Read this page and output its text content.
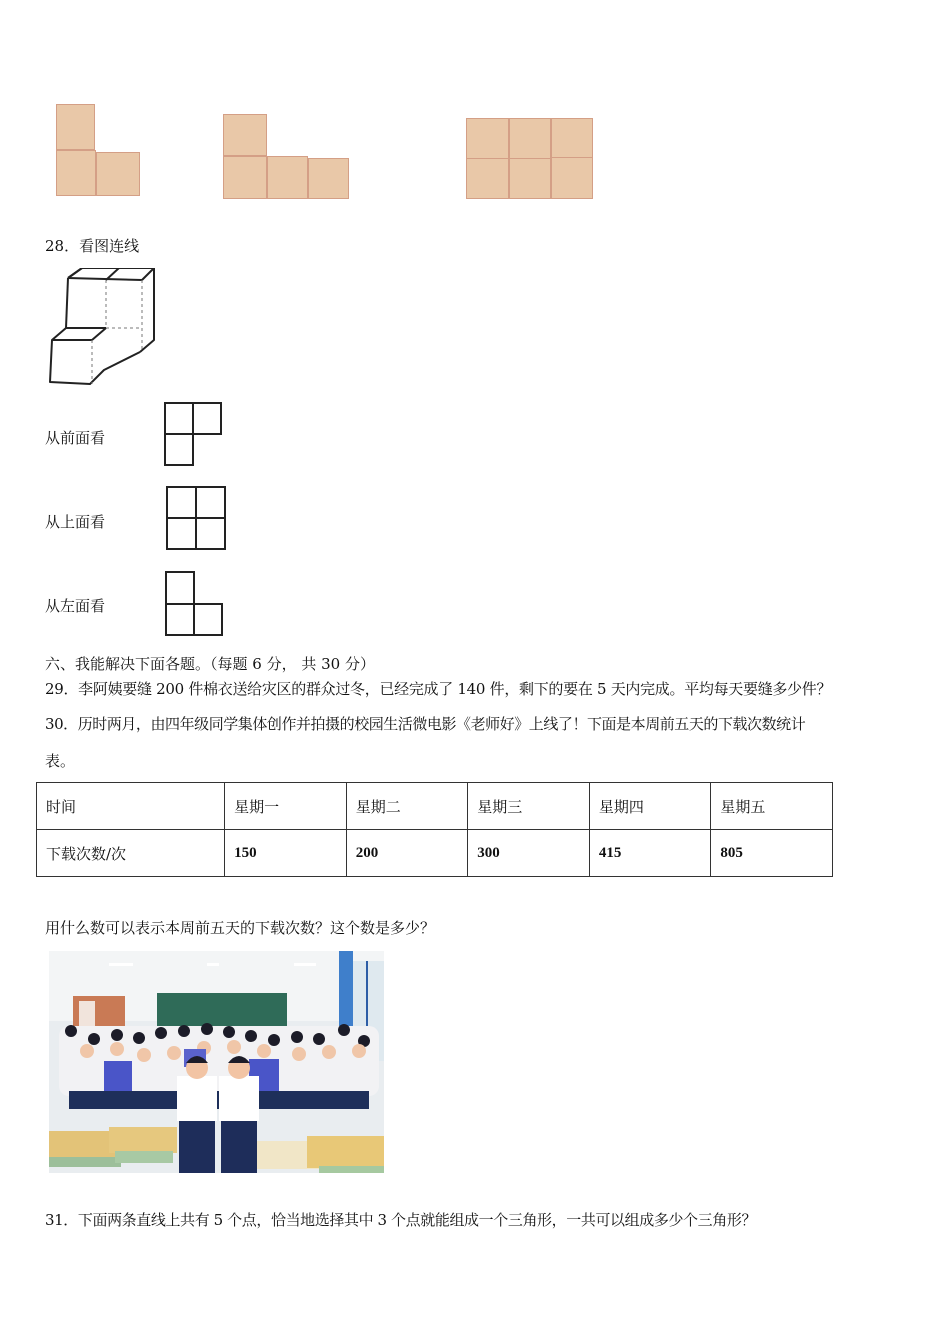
28．看图连线
从前面看
从上面看
从左面看
六、我能解决下面各题。（每题 6 分， 共 30 分）
29．李阿姨要缝 200 件棉衣送给灾区的群众过冬，已经完成了 140 件，剩下的要在 5 天内完成。平均每天要缝多少件？
30．历时两月，由四年级同学集体创作并拍摄的校园生活微电影《老师好》上线了！下面是本周前五天的下载次数统计
表。
时间	星期一	星期二	星期三	星期四	星期五
下载次数/次	150	200	300	415	805
用什么数可以表示本周前五天的下载次数？这个数是多少？
31．下面两条直线上共有 5 个点，恰当地选择其中 3 个点就能组成一个三角形，一共可以组成多少个三角形？
